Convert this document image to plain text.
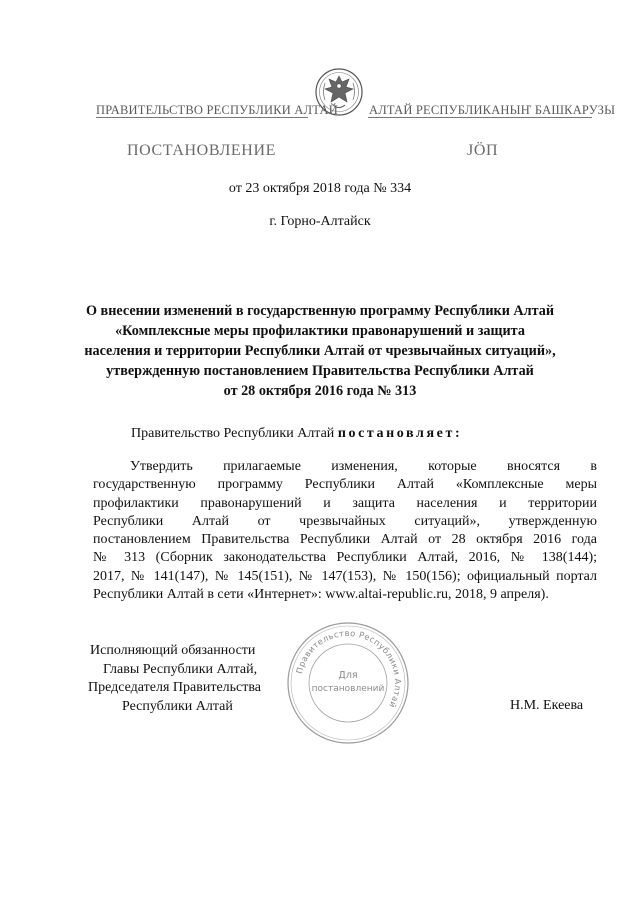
ПРАВИТЕЛЬСТВО РЕСПУБЛИКИ АЛТАЙ АЛТАЙ РЕСПУБЛИКАНЫҤ БАШКАРУЗЫ
ПОСТАНОВЛЕНИЕ	JӦП
от 23 октября 2018 года № 334
г. Горно-Алтайск
О внесении изменений в государственную программу Республики Алтай
«Комплексные меры профилактики правонарушений и защита
населения и территории Республики Алтай от чрезвычайных ситуаций»,
утвержденную постановлением Правительства Республики Алтай
от 28 октября 2016 года № 313
Правительство Республики Алтай постановляет:
Утвердить прилагаемые изменения, которые вносятся в
государственную программу Республики Алтай «Комплексные меры
профилактики правонарушений и защита населения и территории
Республики Алтай от чрезвычайных ситуаций», утвержденную
постановлением Правительства Республики Алтай от 28 октября 2016 года
№ 313 (Сборник законодательства Республики Алтай, 2016, № 138(144);
2017, № 141(147), № 145(151), № 147(153), № 150(156); официальный портал
Республики Алтай в сети «Интернет»: www.altai-republic.ru, 2018, 9 апреля).
Правительство Республики Алтай
Для
постановлений
Исполняющий обязанности
Главы Республики Алтай,
Председателя Правительства
Республики Алтай	Н.М. Екеева
